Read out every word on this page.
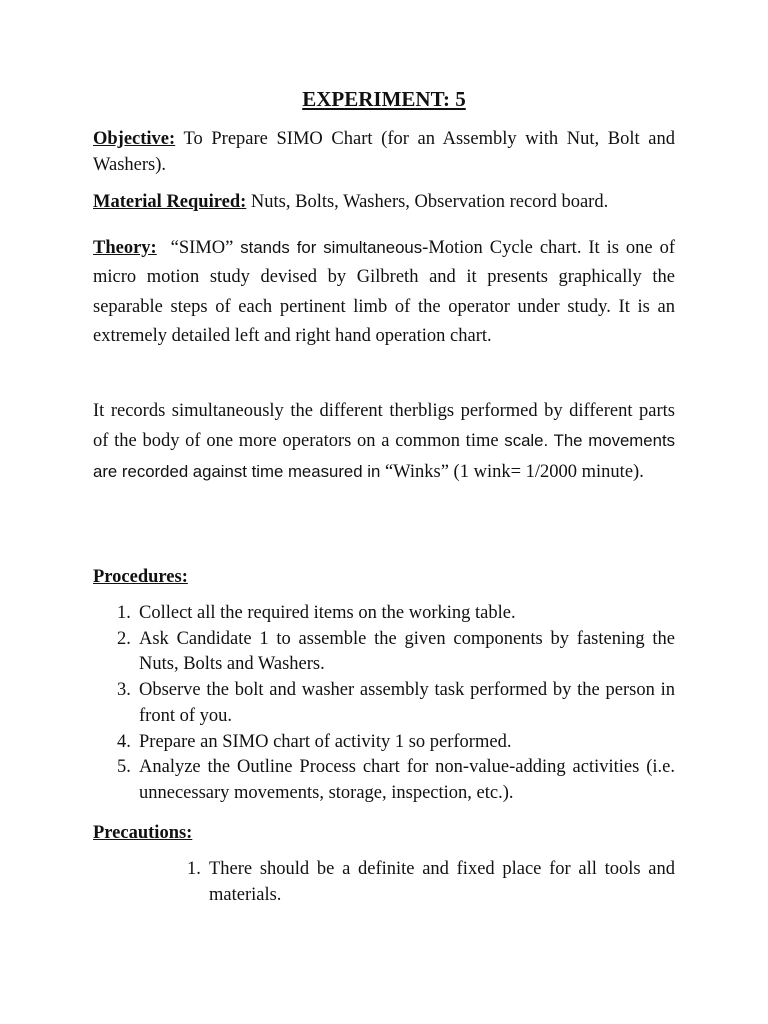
EXPERIMENT: 5

Objective: To Prepare SIMO Chart (for an Assembly with Nut, Bolt and Washers).

Material Required: Nuts, Bolts, Washers, Observation record board.

Theory:  “SIMO” stands for simultaneous-Motion Cycle chart. It is one of micro motion study devised by Gilbreth and it presents graphically the separable steps of each pertinent limb of the operator under study. It is an extremely detailed left and right hand operation chart.

It records simultaneously the different therbligs performed by different parts of the body of one more operators on a common time scale. The movements are recorded against time measured in “Winks” (1 wink= 1/2000 minute).

Procedures:

1. Collect all the required items on the working table.
2. Ask Candidate 1 to assemble the given components by fastening the Nuts, Bolts and Washers.
3. Observe the bolt and washer assembly task performed by the person in front of you.
4. Prepare an SIMO chart of activity 1 so performed.
5. Analyze the Outline Process chart for non-value-adding activities (i.e. unnecessary movements, storage, inspection, etc.).

Precautions:

1. There should be a definite and fixed place for all tools and materials.
